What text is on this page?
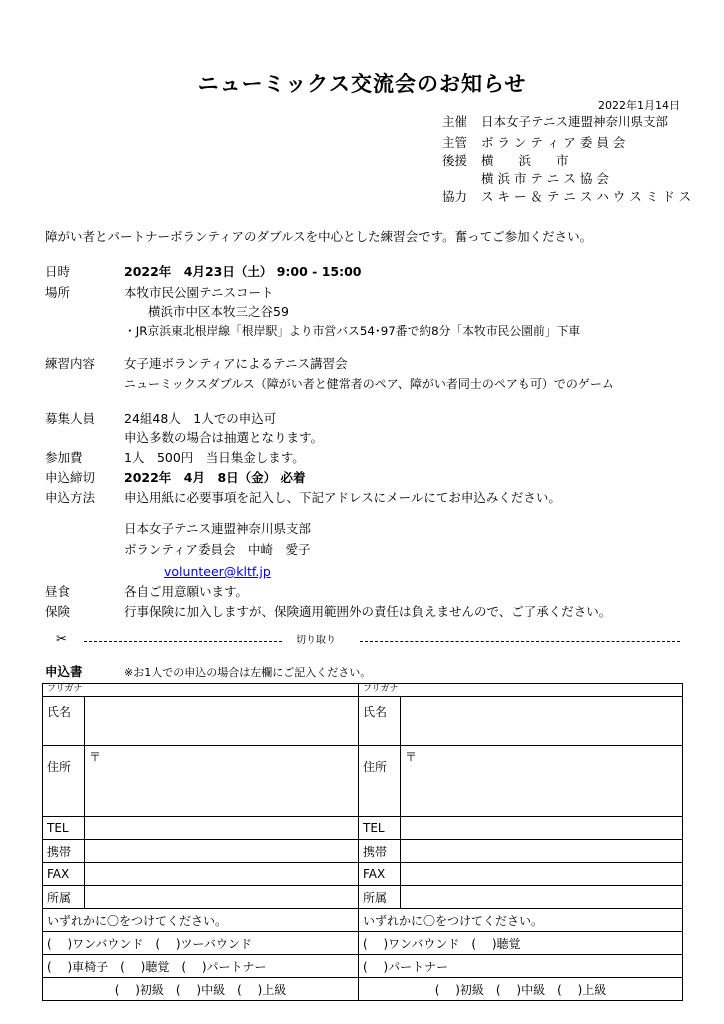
ニューミックス交流会のお知らせ
2022年1月14日
主催 日本女子テニス連盟神奈川県支部
主管 ボ ラ ン テ ィ ア 委 員 会
後援 横　　浜　　市
横 浜 市 テ ニ ス 協 会
協力 ス キ ー ＆ テ ニ ス ハ ウ ス ミ ド ス
障がい者とパートナーボランティアのダブルスを中心とした練習会です。奮ってご参加ください。
日時	2022年　4月23日（土） 9:00 - 15:00
場所	本牧市民公園テニスコート
横浜市中区本牧三之谷59
・JR京浜東北根岸線「根岸駅」より市営バス54･97番で約8分「本牧市民公園前」下車
練習内容 女子連ボランティアによるテニス講習会
ニューミックスダブルス（障がい者と健常者のペア、障がい者同士のペアも可）でのゲーム
募集人員 24組48人　1人での申込可
申込多数の場合は抽選となります。
参加費	1人　500円　当日集金します。
申込締切 2022年　4月　8日（金） 必着
申込方法 申込用紙に必要事項を記入し、下記アドレスにメールにてお申込みください。
日本女子テニス連盟神奈川県支部
ボランティア委員会　中崎　愛子
volunteer@kltf.jp
昼食	各自ご用意願います。
保険	行事保険に加入しますが、保険適用範囲外の責任は負えませんので、ご了承ください。
✂	切り取り
申込書	※お1人での申込の場合は左欄にご記入ください。
フリガナ		フリガナ	
氏名		氏名	
住所	〒	住所	〒
TEL		TEL	
携帯		携帯	
FAX		FAX	
所属		所属	
いずれかに〇をつけてください。		いずれかに〇をつけてください。	
(　 )ワンバウンド　(　 )ツーバウンド		(　 )ワンバウンド　(　 )聴覚	
(　 )車椅子　(　 )聴覚　(　 )パートナー		(　 )パートナー	
(　 )初級　(　 )中級　(　 )上級		(　 )初級　(　 )中級　(　 )上級	
